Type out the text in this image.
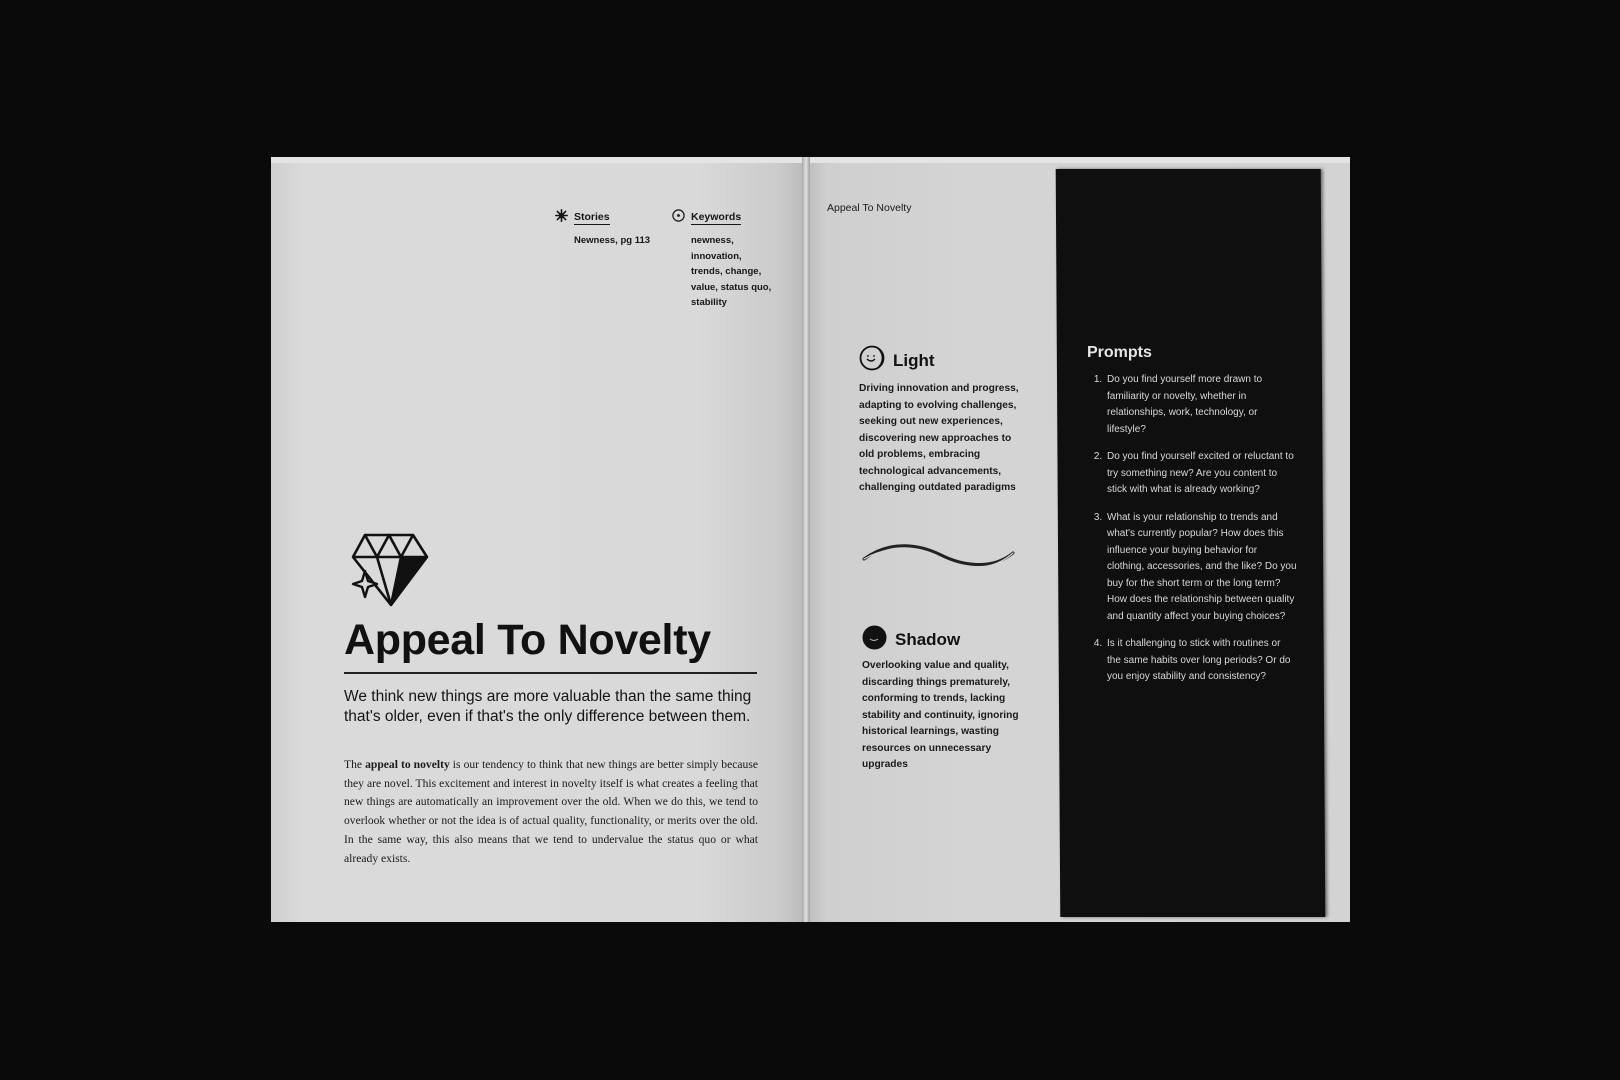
Stories
Newness, pg 113
Keywords
newness,
innovation,
trends, change,
value, status quo,
stability
Appeal To Novelty
We think new things are more valuable than the same thing that's older, even if that's the only difference between them.
The appeal to novelty is our tendency to think that new things are better simply because they are novel. This excitement and interest in novelty itself is what creates a feeling that new things are automatically an improvement over the old. When we do this, we tend to overlook whether or not the idea is of actual quality, functionality, or merits over the old. In the same way, this also means that we tend to undervalue the status quo or what already exists.
Appeal To Novelty
Light
Driving innovation and progress, adapting to evolving challenges, seeking out new experiences, discovering new approaches to old problems, embracing technological advancements, challenging outdated paradigms
Shadow
Overlooking value and quality, discarding things prematurely, conforming to trends, lacking stability and continuity, ignoring historical learnings, wasting resources on unnecessary upgrades
Prompts
1. Do you find yourself more drawn to familiarity or novelty, whether in relationships, work, technology, or lifestyle?
2. Do you find yourself excited or reluctant to try something new? Are you content to stick with what is already working?
3. What is your relationship to trends and what's currently popular? How does this influence your buying behavior for clothing, accessories, and the like? Do you buy for the short term or the long term? How does the relationship between quality and quantity affect your buying choices?
4. Is it challenging to stick with routines or the same habits over long periods? Or do you enjoy stability and consistency?
